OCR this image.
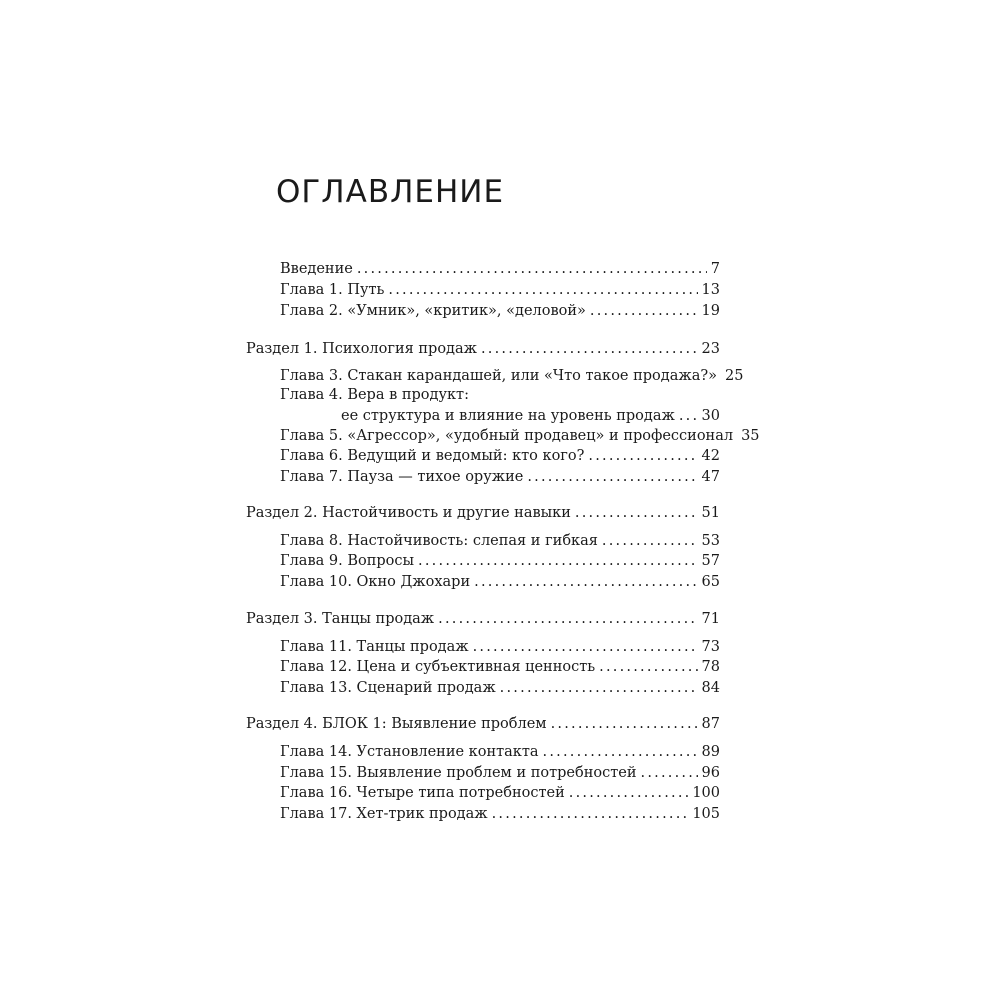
ОГЛАВЛЕНИЕ
Введение . . .	7
Глава 1. Путь . . .	13
Глава 2. «Умник», «критик», «деловой» . . .	19
Раздел 1. Психология продаж . . .	23
Глава 3. Стакан карандашей, или «Что такое продажа?» 25
Глава 4. Вера в продукт:
ее структура и влияние на уровень продаж . . . 30
Глава 5. «Агрессор», «удобный продавец» и профессионал 35
Глава 6. Ведущий и ведомый: кто кого? . . .	42
Глава 7. Пауза — тихое оружие . . .	47
Раздел 2. Настойчивость и другие навыки . . .	51
Глава 8. Настойчивость: слепая и гибкая . . .	53
Глава 9. Вопросы . . .	57
Глава 10. Окно Джохари . . .	65
Раздел 3. Танцы продаж . . .	71
Глава 11. Танцы продаж . . .	73
Глава 12. Цена и субъективная ценность . . .	78
Глава 13. Сценарий продаж . . .	84
Раздел 4. БЛОК 1: Выявление проблем . . .	87
Глава 14. Установление контакта . . .	89
Глава 15. Выявление проблем и потребностей . . .	96
Глава 16. Четыре типа потребностей . . .	100
Глава 17. Хет-трик продаж . . .	105
